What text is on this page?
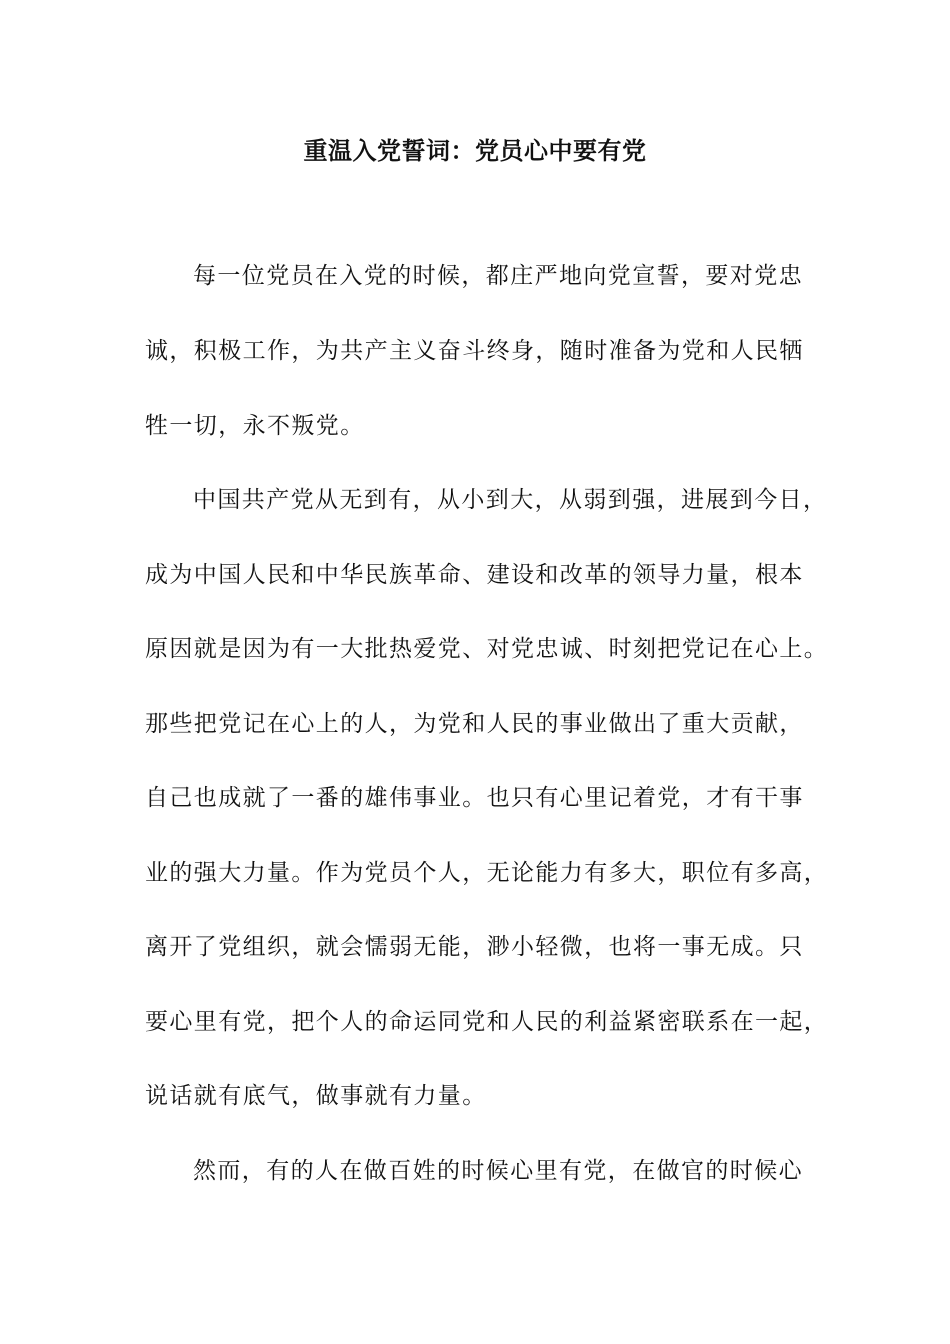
重温入党誓词：党员心中要有党
每一位党员在入党的时候，都庄严地向党宣誓，要对党忠
诚，积极工作，为共产主义奋斗终身，随时准备为党和人民牺
牲一切，永不叛党。
中国共产党从无到有，从小到大，从弱到强，进展到今日，
成为中国人民和中华民族革命、建设和改革的领导力量，根本
原因就是因为有一大批热爱党、对党忠诚、时刻把党记在心上。
那些把党记在心上的人，为党和人民的事业做出了重大贡献，
自己也成就了一番的雄伟事业。也只有心里记着党，才有干事
业的强大力量。作为党员个人，无论能力有多大，职位有多高，
离开了党组织，就会懦弱无能，渺小轻微，也将一事无成。只
要心里有党，把个人的命运同党和人民的利益紧密联系在一起，
说话就有底气，做事就有力量。
然而，有的人在做百姓的时候心里有党，在做官的时候心
